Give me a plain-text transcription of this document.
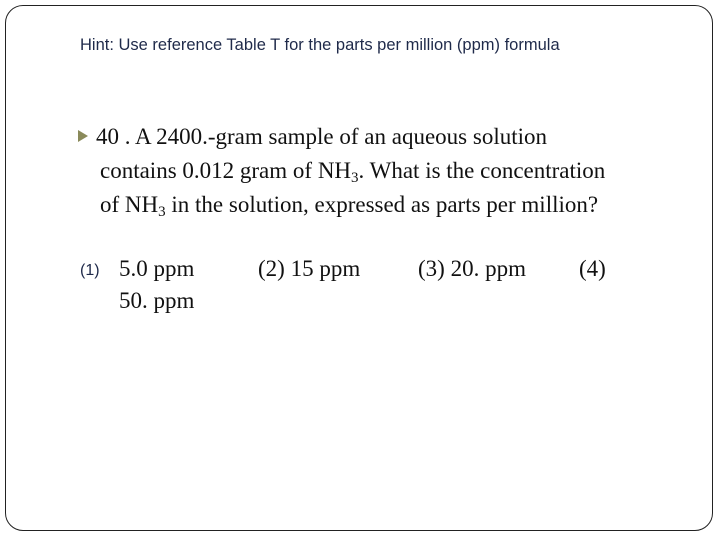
Hint: Use reference Table T for the parts per million (ppm) formula
40 . A 2400.-gram sample of an aqueous solution
contains 0.012 gram of $NH_3$. What is the concentration
of $NH_3$ in the solution, expressed as parts per million?
(1) 5.0 ppm	(2) 15 ppm	(3) 20. ppm (4)
50. ppm
